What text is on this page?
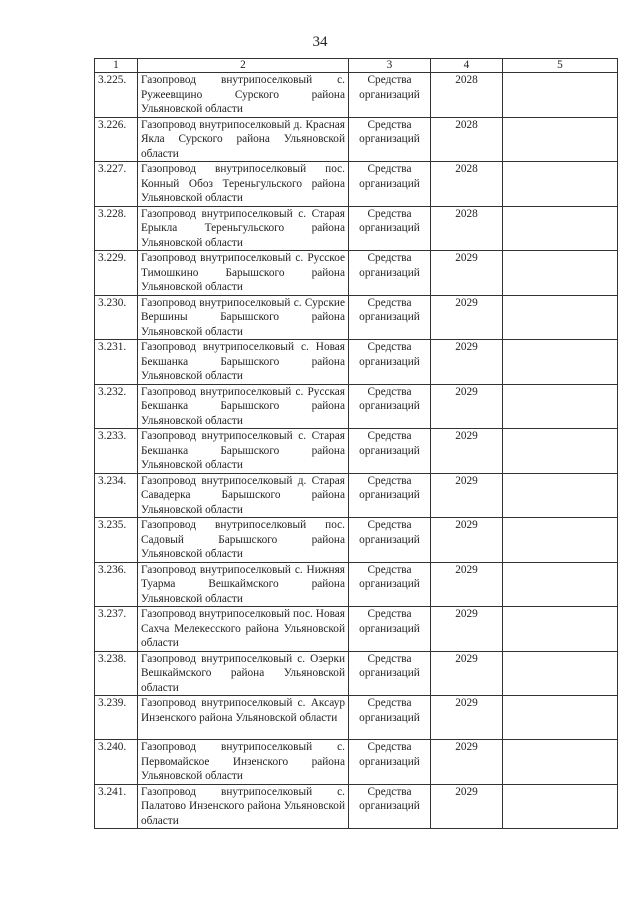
34
1	2	3	4	5
3.225.	Газопровод внутрипоселковый с. Ружеевщино Сурского района Ульяновской области	Средства организаций	2028	
3.226.	Газопровод внутрипоселковый д. Красная Якла Сурского района Ульяновской области	Средства организаций	2028	
3.227.	Газопровод внутрипоселковый пос. Конный Обоз Тереньгульского района Ульяновской области	Средства организаций	2028	
3.228.	Газопровод внутрипоселковый с. Старая Ерыкла Тереньгульского района Ульяновской области	Средства организаций	2028	
3.229.	Газопровод внутрипоселковый с. Русское Тимошкино Барышского района Ульяновской области	Средства организаций	2029	
3.230.	Газопровод внутрипоселковый с. Сурские Вершины Барышского района Ульяновской области	Средства организаций	2029	
3.231.	Газопровод внутрипоселковый с. Новая Бекшанка Барышского района Ульяновской области	Средства организаций	2029	
3.232.	Газопровод внутрипоселковый с. Русская Бекшанка Барышского района Ульяновской области	Средства организаций	2029	
3.233.	Газопровод внутрипоселковый с. Старая Бекшанка Барышского района Ульяновской области	Средства организаций	2029	
3.234.	Газопровод внутрипоселковый д. Старая Савадерка Барышского района Ульяновской области	Средства организаций	2029	
3.235.	Газопровод внутрипоселковый пос. Садовый Барышского района Ульяновской области	Средства организаций	2029	
3.236.	Газопровод внутрипоселковый с. Нижняя Туарма Вешкаймского района Ульяновской области	Средства организаций	2029	
3.237.	Газопровод внутрипоселковый пос. Новая Сахча Мелекесского района Ульяновской области	Средства организаций	2029	
3.238.	Газопровод внутрипоселковый с. Озерки Вешкаймского района Ульяновской области	Средства организаций	2029	
3.239.	Газопровод внутрипоселковый с. Аксаур Инзенского района Ульяновской области	Средства организаций	2029	
3.240.	Газопровод внутрипоселковый с. Первомайское Инзенского района Ульяновской области	Средства организаций	2029	
3.241.	Газопровод внутрипоселковый с. Палатово Инзенского района Ульяновской области	Средства организаций	2029	
